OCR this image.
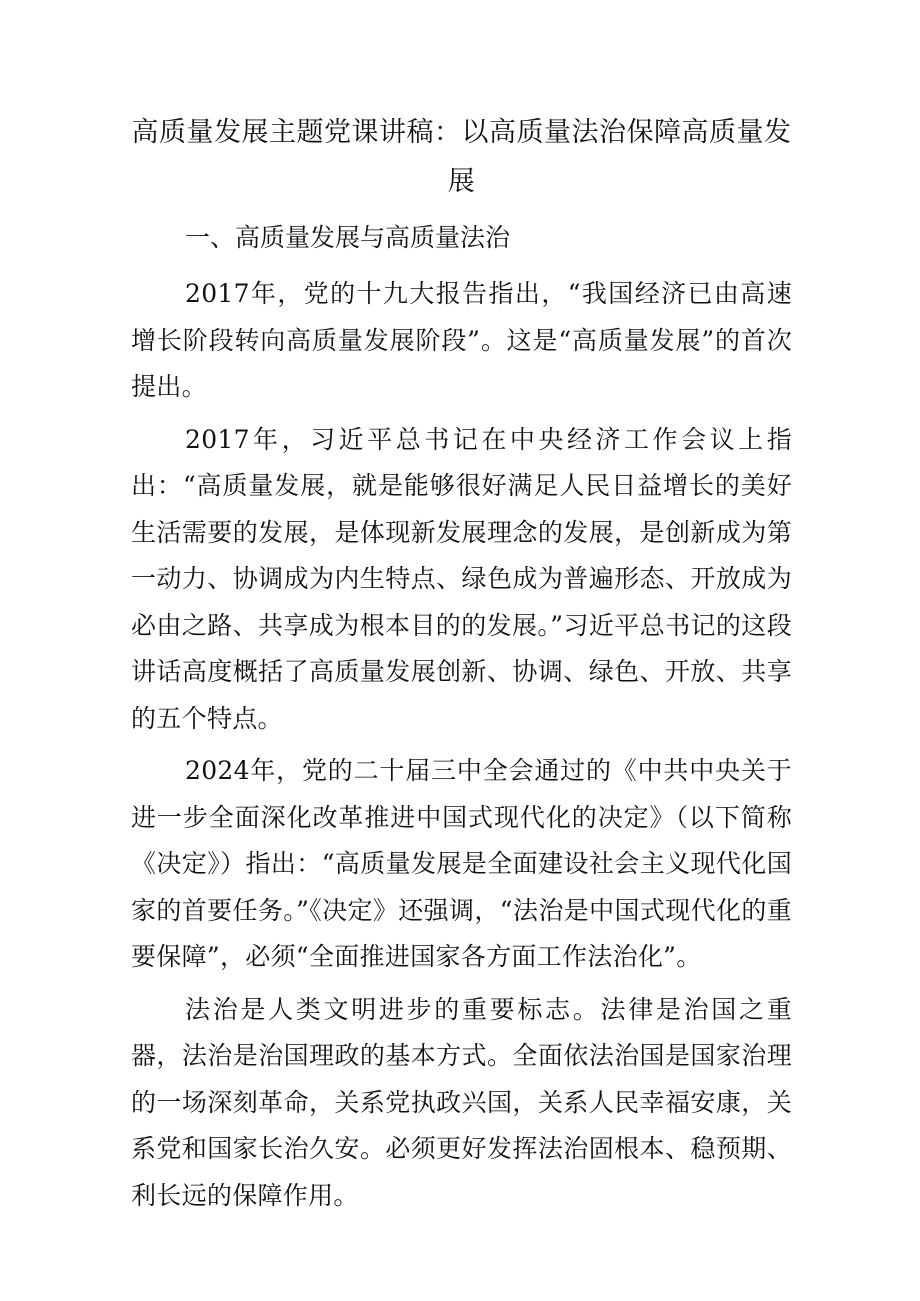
高质量发展主题党课讲稿：以高质量法治保障高质量发展
一、高质量发展与高质量法治

2017年，党的十九大报告指出，“我国经济已由高速增长阶段转向高质量发展阶段”。这是“高质量发展”的首次提出。

2017年，习近平总书记在中央经济工作会议上指出：“高质量发展，就是能够很好满足人民日益增长的美好生活需要的发展，是体现新发展理念的发展，是创新成为第一动力、协调成为内生特点、绿色成为普遍形态、开放成为必由之路、共享成为根本目的的发展。”习近平总书记的这段讲话高度概括了高质量发展创新、协调、绿色、开放、共享的五个特点。

2024年，党的二十届三中全会通过的《中共中央关于进一步全面深化改革推进中国式现代化的决定》（以下简称《决定》）指出：“高质量发展是全面建设社会主义现代化国家的首要任务。”《决定》还强调，“法治是中国式现代化的重要保障”，必须“全面推进国家各方面工作法治化”。

法治是人类文明进步的重要标志。法律是治国之重器，法治是治国理政的基本方式。全面依法治国是国家治理的一场深刻革命，关系党执政兴国，关系人民幸福安康，关系党和国家长治久安。必须更好发挥法治固根本、稳预期、利长远的保障作用。
